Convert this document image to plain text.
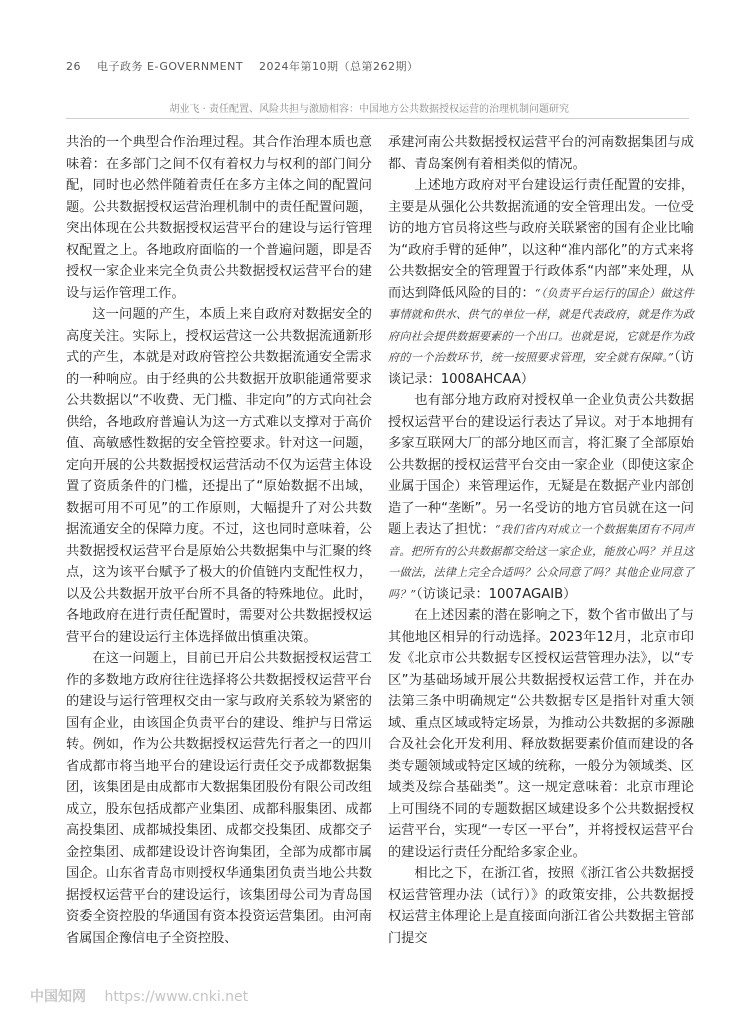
26 电子政务 E-GOVERNMENT 2024年第10期（总第262期）
胡业飞 · 责任配置、风险共担与激励相容：中国地方公共数据授权运营的治理机制问题研究

共治的一个典型合作治理过程。其合作治理本质也意味着：在多部门之间不仅有着权力与权利的部门间分配，同时也必然伴随着责任在多方主体之间的配置问题。公共数据授权运营治理机制中的责任配置问题，突出体现在公共数据授权运营平台的建设与运行管理权配置之上。各地政府面临的一个普遍问题，即是否授权一家企业来完全负责公共数据授权运营平台的建设与运作管理工作。

这一问题的产生，本质上来自政府对数据安全的高度关注。实际上，授权运营这一公共数据流通新形式的产生，本就是对政府管控公共数据流通安全需求的一种响应。由于经典的公共数据开放职能通常要求公共数据以“不收费、无门槛、非定向”的方式向社会供给，各地政府普遍认为这一方式难以支撑对于高价值、高敏感性数据的安全管控要求。针对这一问题，定向开展的公共数据授权运营活动不仅为运营主体设置了资质条件的门槛，还提出了“原始数据不出域，数据可用不可见”的工作原则，大幅提升了对公共数据流通安全的保障力度。不过，这也同时意味着，公共数据授权运营平台是原始公共数据集中与汇聚的终点，这为该平台赋予了极大的价值链内支配性权力，以及公共数据开放平台所不具备的特殊地位。此时，各地政府在进行责任配置时，需要对公共数据授权运营平台的建设运行主体选择做出慎重决策。

在这一问题上，目前已开启公共数据授权运营工作的多数地方政府往往选择将公共数据授权运营平台的建设与运行管理权交由一家与政府关系较为紧密的国有企业，由该国企负责平台的建设、维护与日常运转。例如，作为公共数据授权运营先行者之一的四川省成都市将当地平台的建设运行责任交予成都数据集团，该集团是由成都市大数据集团股份有限公司改组成立，股东包括成都产业集团、成都科服集团、成都高投集团、成都城投集团、成都交投集团、成都交子金控集团、成都建设设计咨询集团，全部为成都市属国企。山东省青岛市则授权华通集团负责当地公共数据授权运营平台的建设运行，该集团母公司为青岛国资委全资控股的华通国有资本投资运营集团。由河南省属国企豫信电子全资控股、

承建河南公共数据授权运营平台的河南数据集团与成都、青岛案例有着相类似的情况。

上述地方政府对平台建设运行责任配置的安排，主要是从强化公共数据流通的安全管理出发。一位受访的地方官员将这些与政府关联紧密的国有企业比喻为“政府手臂的延伸”，以这种“准内部化”的方式来将公共数据安全的管理置于行政体系“内部”来处理，从而达到降低风险的目的：“（负责平台运行的国企）做这件事情就和供水、供气的单位一样，就是代表政府，就是作为政府向社会提供数据要素的一个出口。也就是说，它就是作为政府的一个治数环节，统一按照要求管理，安全就有保障。”（访谈记录：1008AHCAA）

也有部分地方政府对授权单一企业负责公共数据授权运营平台的建设运行表达了异议。对于本地拥有多家互联网大厂的部分地区而言，将汇聚了全部原始公共数据的授权运营平台交由一家企业（即使这家企业属于国企）来管理运作，无疑是在数据产业内部创造了一种“垄断”。另一名受访的地方官员就在这一问题上表达了担忧：“我们省内对成立一个数据集团有不同声音。把所有的公共数据都交给这一家企业，能放心吗？并且这一做法，法律上完全合适吗？公众同意了吗？其他企业同意了吗？”（访谈记录：1007AGAIB）

在上述因素的潜在影响之下，数个省市做出了与其他地区相异的行动选择。2023年12月，北京市印发《北京市公共数据专区授权运营管理办法》，以“专区”为基础场域开展公共数据授权运营工作，并在办法第三条中明确规定“公共数据专区是指针对重大领域、重点区域或特定场景，为推动公共数据的多源融合及社会化开发利用、释放数据要素价值而建设的各类专题领域或特定区域的统称，一般分为领域类、区域类及综合基础类”。这一规定意味着：北京市理论上可围绕不同的专题数据区域建设多个公共数据授权运营平台，实现“一专区一平台”，并将授权运营平台的建设运行责任分配给多家企业。

相比之下，在浙江省，按照《浙江省公共数据授权运营管理办法（试行）》的政策安排，公共数据授权运营主体理论上是直接面向浙江省公共数据主管部门提交

中国知网 https://www.cnki.net
